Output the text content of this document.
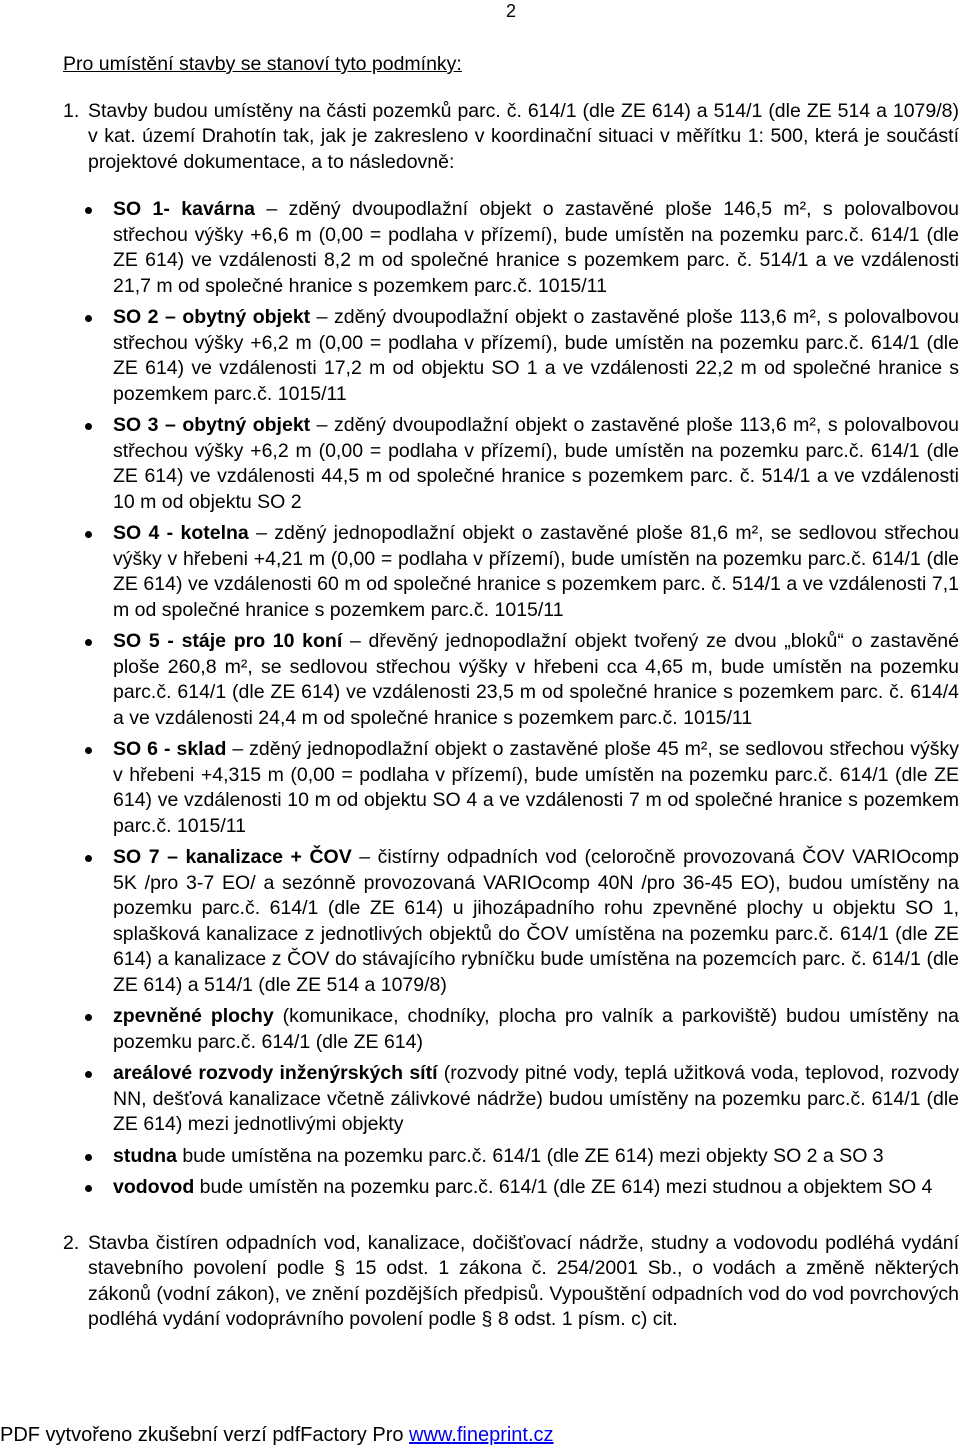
2

Pro umístění stavby se stanoví tyto podmínky:

1. Stavby budou umístěny na části pozemků parc. č. 614/1 (dle ZE 614) a 514/1 (dle ZE 514 a 1079/8) v kat. území Drahotín tak, jak je zakresleno v koordinační situaci v měřítku 1: 500, která je součástí projektové dokumentace, a to následovně:
SO 1- kavárna – zděný dvoupodlažní objekt o zastavěné ploše 146,5 m², s polovalbovou střechou výšky +6,6 m (0,00 = podlaha v přízemí), bude umístěn na pozemku parc.č. 614/1 (dle ZE 614) ve vzdálenosti 8,2 m od společné hranice s pozemkem parc. č. 514/1 a ve vzdálenosti 21,7 m od společné hranice s pozemkem parc.č. 1015/11
SO 2 – obytný objekt – zděný dvoupodlažní objekt o zastavěné ploše 113,6 m², s polovalbovou střechou výšky +6,2 m (0,00 = podlaha v přízemí), bude umístěn na pozemku parc.č. 614/1 (dle ZE 614) ve vzdálenosti 17,2 m od objektu SO 1 a ve vzdálenosti 22,2 m od společné hranice s pozemkem parc.č. 1015/11
SO 3 – obytný objekt – zděný dvoupodlažní objekt o zastavěné ploše 113,6 m², s polovalbovou střechou výšky +6,2 m (0,00 = podlaha v přízemí), bude umístěn na pozemku parc.č. 614/1 (dle ZE 614) ve vzdálenosti 44,5 m od společné hranice s pozemkem parc. č. 514/1 a ve vzdálenosti 10 m od objektu SO 2
SO 4 - kotelna – zděný jednopodlažní objekt o zastavěné ploše 81,6 m², se sedlovou střechou výšky v hřebeni +4,21 m (0,00 = podlaha v přízemí), bude umístěn na pozemku parc.č. 614/1 (dle ZE 614) ve vzdálenosti 60 m od společné hranice s pozemkem parc. č. 514/1 a ve vzdálenosti 7,1 m od společné hranice s pozemkem parc.č. 1015/11
SO 5 - stáje pro 10 koní – dřevěný jednopodlažní objekt tvořený ze dvou „bloků“ o zastavěné ploše 260,8 m², se sedlovou střechou výšky v hřebeni cca 4,65 m, bude umístěn na pozemku parc.č. 614/1 (dle ZE 614) ve vzdálenosti 23,5 m od společné hranice s pozemkem parc. č. 614/4 a ve vzdálenosti 24,4 m od společné hranice s pozemkem parc.č. 1015/11
SO 6 - sklad – zděný jednopodlažní objekt o zastavěné ploše 45 m², se sedlovou střechou výšky v hřebeni +4,315 m (0,00 = podlaha v přízemí), bude umístěn na pozemku parc.č. 614/1 (dle ZE 614) ve vzdálenosti 10 m od objektu SO 4 a ve vzdálenosti 7 m od společné hranice s pozemkem parc.č. 1015/11
SO 7 – kanalizace + ČOV – čistírny odpadních vod (celoročně provozovaná ČOV VARIOcomp 5K /pro 3-7 EO/ a sezónně provozovaná VARIOcomp 40N /pro 36-45 EO), budou umístěny na pozemku parc.č. 614/1 (dle ZE 614) u jihozápadního rohu zpevněné plochy u objektu SO 1, splašková kanalizace z jednotlivých objektů do ČOV umístěna na pozemku parc.č. 614/1 (dle ZE 614) a kanalizace z ČOV do stávajícího rybníčku bude umístěna na pozemcích parc. č. 614/1 (dle ZE 614) a 514/1 (dle ZE 514 a 1079/8)
zpevněné plochy (komunikace, chodníky, plocha pro valník a parkoviště) budou umístěny na pozemku parc.č. 614/1 (dle ZE 614)
areálové rozvody inženýrských sítí (rozvody pitné vody, teplá užitková voda, teplovod, rozvody NN, dešťová kanalizace včetně zálivkové nádrže) budou umístěny na pozemku parc.č. 614/1 (dle ZE 614) mezi jednotlivými objekty
studna bude umístěna na pozemku parc.č. 614/1 (dle ZE 614) mezi objekty SO 2 a SO 3
vodovod bude umístěn na pozemku parc.č. 614/1 (dle ZE 614) mezi studnou a objektem SO 4
2. Stavba čistíren odpadních vod, kanalizace, dočišťovací nádrže, studny a vodovodu podléhá vydání stavebního povolení podle § 15 odst. 1 zákona č. 254/2001 Sb., o vodách a změně některých zákonů (vodní zákon), ve znění pozdějších předpisů. Vypouštění odpadních vod do vod povrchových podléhá vydání vodoprávního povolení podle § 8 odst. 1 písm. c) cit.
PDF vytvořeno zkušební verzí pdfFactory Pro www.fineprint.cz
